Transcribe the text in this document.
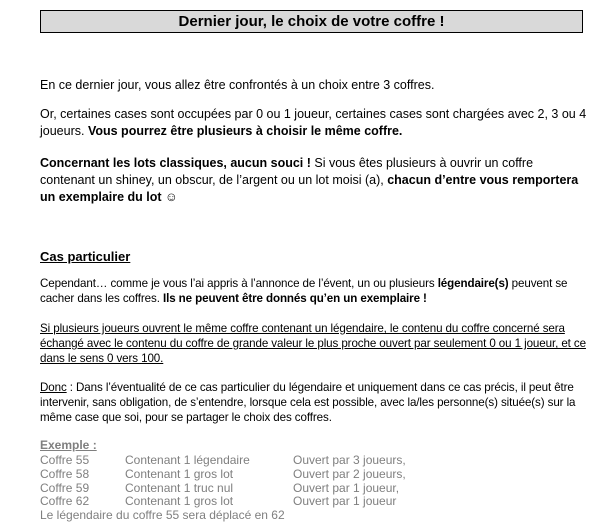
Dernier jour, le choix de votre coffre !
En ce dernier jour, vous allez être confrontés à un choix entre 3 coffres.
Or, certaines cases sont occupées par 0 ou 1 joueur, certaines cases sont chargées avec 2, 3 ou 4 joueurs. Vous pourrez être plusieurs à choisir le même coffre.
Concernant les lots classiques, aucun souci ! Si vous êtes plusieurs à ouvrir un coffre contenant un shiney, un obscur, de l’argent ou un lot moisi (a), chacun d’entre vous remportera un exemplaire du lot ☺
Cas particulier
Cependant… comme je vous l’ai appris à l’annonce de l’évent, un ou plusieurs légendaire(s) peuvent se cacher dans les coffres. Ils ne peuvent être donnés qu’en un exemplaire !
Si plusieurs joueurs ouvrent le même coffre contenant un légendaire, le contenu du coffre concerné sera échangé avec le contenu du coffre de grande valeur le plus proche ouvert par seulement 0 ou 1 joueur, et ce dans le sens 0 vers 100.
Donc : Dans l’éventualité de ce cas particulier du légendaire et uniquement dans ce cas précis, il peut être intervenir, sans obligation, de s’entendre, lorsque cela est possible, avec la/les personne(s) située(s) sur la même case que soi, pour se partager le choix des coffres.
Exemple :
Coffre 55	Contenant 1 légendaire	Ouvert par 3 joueurs,
Coffre 58	Contenant 1 gros lot	Ouvert par 2 joueurs,
Coffre 59	Contenant 1 truc nul	Ouvert par 1 joueur,
Coffre 62	Contenant 1 gros lot	Ouvert par 1 joueur
Le légendaire du coffre 55 sera déplacé en 62
